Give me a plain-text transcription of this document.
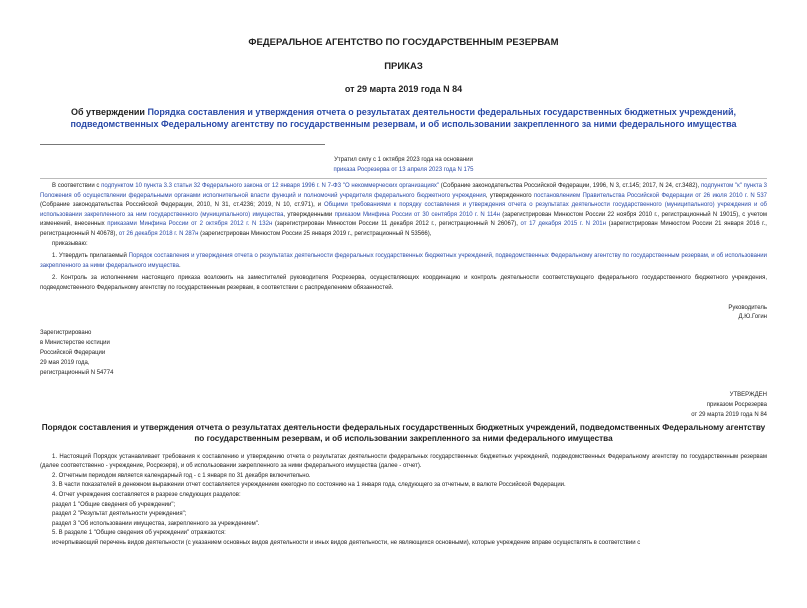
ФЕДЕРАЛЬНОЕ АГЕНТСТВО ПО ГОСУДАРСТВЕННЫМ РЕЗЕРВАМ
ПРИКАЗ
от 29 марта 2019 года N 84
Об утверждении Порядка составления и утверждения отчета о результатах деятельности федеральных государственных бюджетных учреждений, подведомственных Федеральному агентству по государственным резервам, и об использовании закрепленного за ними федерального имущества
Утратил силу с 1 октября 2023 года на основании
приказа Росрезерва от 13 апреля 2023 года N 175
В соответствии с подпунктом 10 пункта 3.3 статьи 32 Федерального закона от 12 января 1996 г. N 7-ФЗ "О некоммерческих организациях" (Собрание законодательства Российской Федерации, 1996, N 3, ст.145; 2017, N 24, ст.3482), подпунктом "к" пункта 3 Положения об осуществлении федеральными органами исполнительной власти функций и полномочий учредителя федерального бюджетного учреждения, утвержденного постановлением Правительства Российской Федерации от 26 июля 2010 г. N 537 (Собрание законодательства Российской Федерации, 2010, N 31, ст.4236; 2019, N 10, ст.971), и Общими требованиями к порядку составления и утверждения отчета о результатах деятельности государственного (муниципального) учреждения и об использовании закрепленного за ним государственного (муниципального) имущества, утвержденными приказом Минфина России от 30 сентября 2010 г. N 114н (зарегистрирован Минюстом России 22 ноября 2010 г., регистрационный N 19015), с учетом изменений, внесенных приказами Минфина России от 2 октября 2012 г. N 132н (зарегистрирован Минюстом России 11 декабря 2012 г., регистрационный N 26067), от 17 декабря 2015 г. N 201н (зарегистрирован Минюстом России 21 января 2016 г., регистрационный N 40678), от 26 декабря 2018 г. N 287н (зарегистрирован Минюстом России 25 января 2019 г., регистрационный N 53566),
приказываю:
1. Утвердить прилагаемый Порядок составления и утверждения отчета о результатах деятельности федеральных государственных бюджетных учреждений, подведомственных Федеральному агентству по государственным резервам, и об использовании закрепленного за ними федерального имущества.
2. Контроль за исполнением настоящего приказа возложить на заместителей руководителя Росрезерва, осуществляющих координацию и контроль деятельности соответствующего федерального государственного бюджетного учреждения, подведомственного Федеральному агентству по государственным резервам, в соответствии с распределением обязанностей.
Руководитель
Д.Ю.Гогин
Зарегистрировано
в Министерстве юстиции
Российской Федерации
29 мая 2019 года,
регистрационный N 54774
УТВЕРЖДЕН
приказом Росрезерва
от 29 марта 2019 года N 84
Порядок составления и утверждения отчета о результатах деятельности федеральных государственных бюджетных учреждений, подведомственных Федеральному агентству по государственным резервам, и об использовании закрепленного за ними федерального имущества
1. Настоящий Порядок устанавливает требования к составлению и утверждению отчета о результатах деятельности федеральных государственных бюджетных учреждений, подведомственных Федеральному агентству по государственным резервам (далее соответственно - учреждение, Росрезерв), и об использовании закрепленного за ними федерального имущества (далее - отчет).
2. Отчетным периодом является календарный год - с 1 января по 31 декабря включительно.
3. В части показателей в денежном выражении отчет составляется учреждением ежегодно по состоянию на 1 января года, следующего за отчетным, в валюте Российской Федерации.
4. Отчет учреждения составляется в разрезе следующих разделов:
раздел 1 "Общие сведения об учреждении";
раздел 2 "Результат деятельности учреждения";
раздел 3 "Об использовании имущества, закрепленного за учреждением".
5. В разделе 1 "Общие сведения об учреждении" отражаются:
исчерпывающий перечень видов деятельности (с указанием основных видов деятельности и иных видов деятельности, не являющихся основными), которые учреждение вправе осуществлять в соответствии с
